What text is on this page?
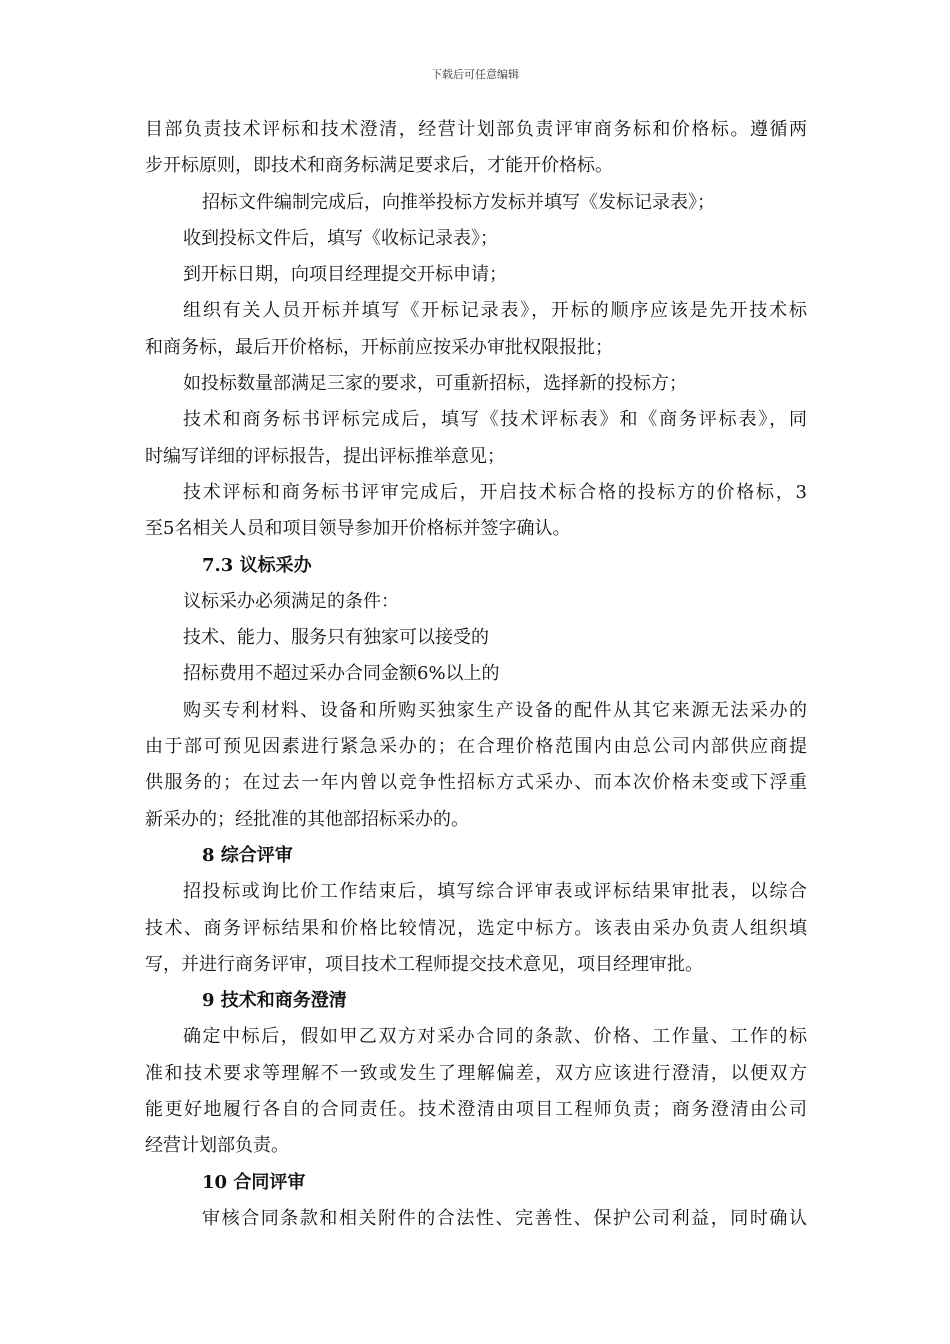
下载后可任意编辑
目部负责技术评标和技术澄清，经营计划部负责评审商务标和价格标。遵循两
步开标原则，即技术和商务标满足要求后，才能开价格标。
招标文件编制完成后，向推举投标方发标并填写《发标记录表》；
收到投标文件后，填写《收标记录表》；
到开标日期，向项目经理提交开标申请；
组织有关人员开标并填写《开标记录表》，开标的顺序应该是先开技术标
和商务标，最后开价格标，开标前应按采办审批权限报批；
如投标数量部满足三家的要求，可重新招标，选择新的投标方；
技术和商务标书评标完成后，填写《技术评标表》和《商务评标表》，同
时编写详细的评标报告，提出评标推举意见；
技术评标和商务标书评审完成后，开启技术标合格的投标方的价格标，3
至5名相关人员和项目领导参加开价格标并签字确认。
7.3 议标采办
议标采办必须满足的条件：
技术、能力、服务只有独家可以接受的
招标费用不超过采办合同金额6%以上的
购买专利材料、设备和所购买独家生产设备的配件从其它来源无法采办的
由于部可预见因素进行紧急采办的；在合理价格范围内由总公司内部供应商提
供服务的；在过去一年内曾以竞争性招标方式采办、而本次价格未变或下浮重
新采办的；经批准的其他部招标采办的。
8 综合评审
招投标或询比价工作结束后，填写综合评审表或评标结果审批表，以综合
技术、商务评标结果和价格比较情况，选定中标方。该表由采办负责人组织填
写，并进行商务评审，项目技术工程师提交技术意见，项目经理审批。
9 技术和商务澄清
确定中标后，假如甲乙双方对采办合同的条款、价格、工作量、工作的标
准和技术要求等理解不一致或发生了理解偏差，双方应该进行澄清，以便双方
能更好地履行各自的合同责任。技术澄清由项目工程师负责；商务澄清由公司
经营计划部负责。
10 合同评审
审核合同条款和相关附件的合法性、完善性、保护公司利益，同时确认
